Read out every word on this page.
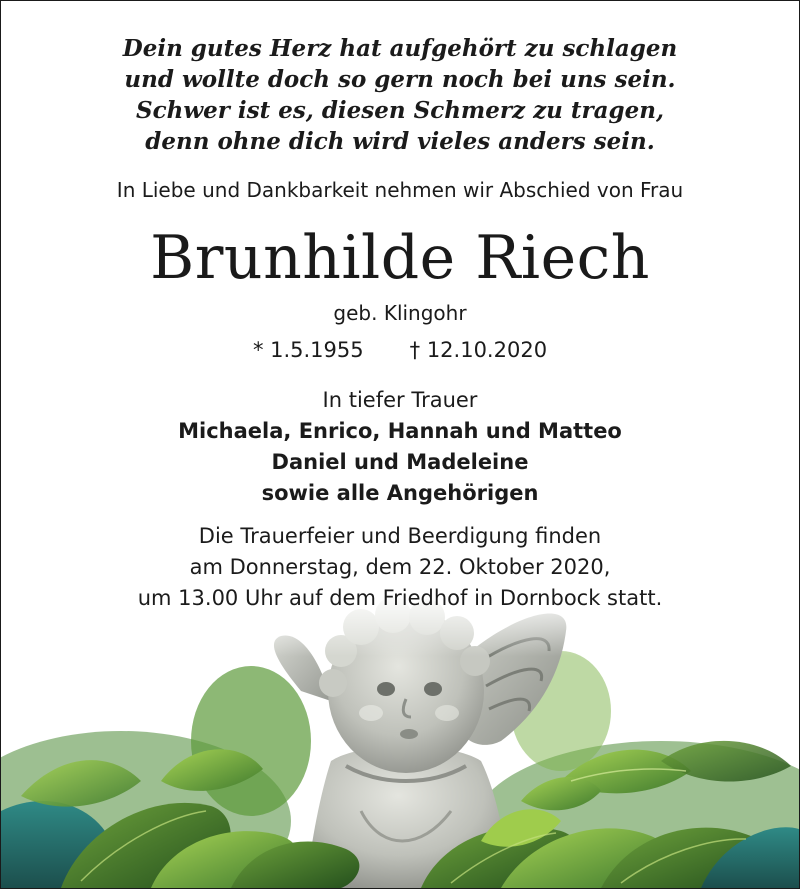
Dein gutes Herz hat aufgehört zu schlagen
und wollte doch so gern noch bei uns sein.
Schwer ist es, diesen Schmerz zu tragen,
denn ohne dich wird vieles anders sein.
In Liebe und Dankbarkeit nehmen wir Abschied von Frau
Brunhilde Riech
geb. Klingohr
* 1.5.1955 † 12.10.2020
In tiefer Trauer
Michaela, Enrico, Hannah und Matteo
Daniel und Madeleine
sowie alle Angehörigen
Die Trauerfeier und Beerdigung finden
am Donnerstag, dem 22. Oktober 2020,
um 13.00 Uhr auf dem Friedhof in Dornbock statt.
